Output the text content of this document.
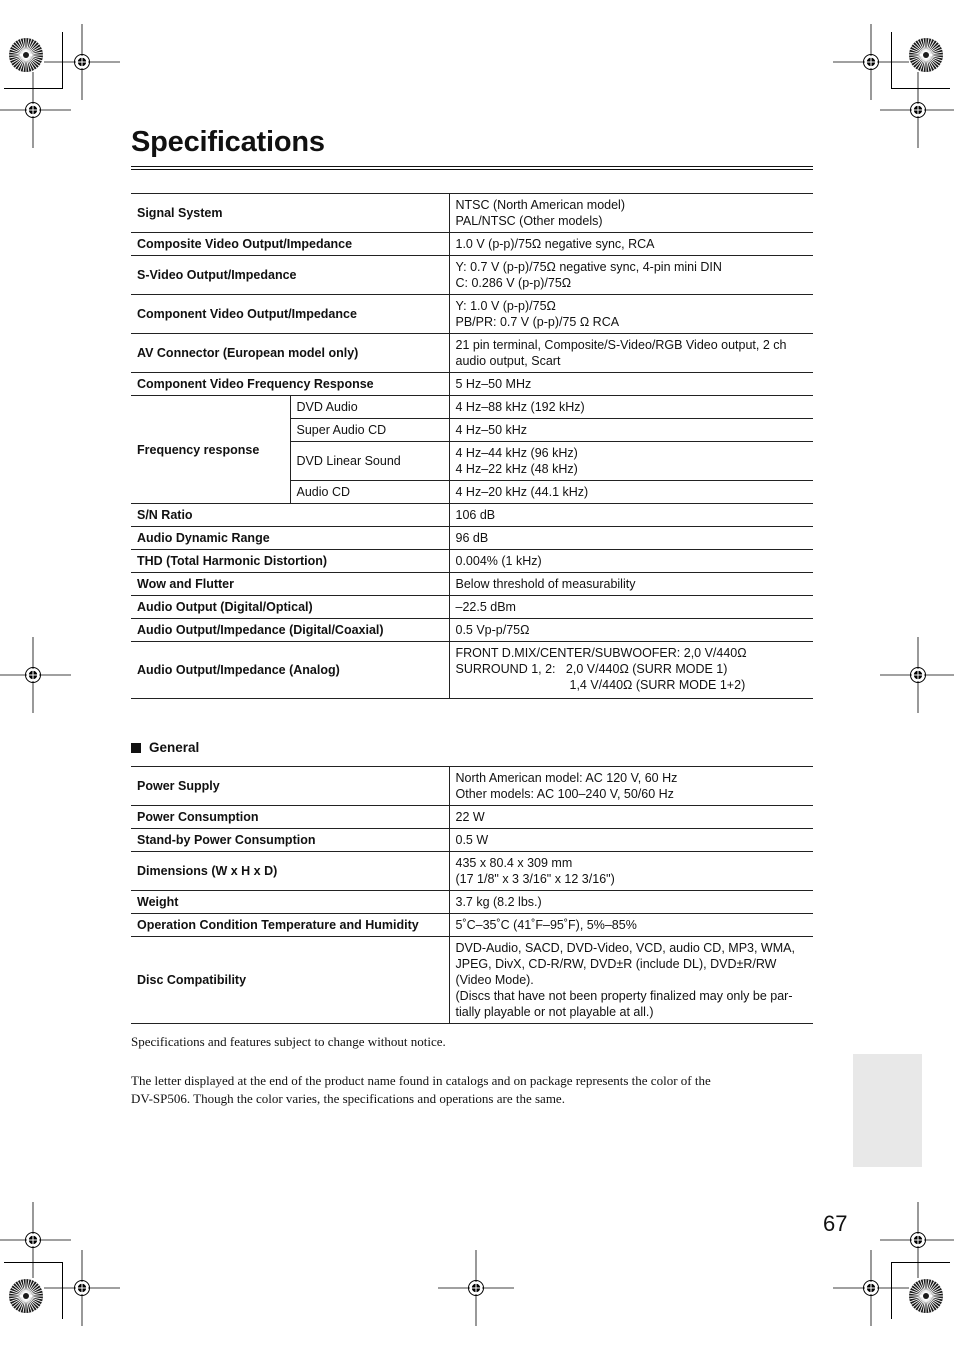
Specifications
Signal System		NTSC (North American model)
PAL/NTSC (Other models)
Composite Video Output/Impedance		1.0 V (p-p)/75Ω negative sync, RCA
S-Video Output/Impedance		Y: 0.7 V (p-p)/75Ω negative sync, 4-pin mini DIN
C: 0.286 V (p-p)/75Ω
Component Video Output/Impedance		Y: 1.0 V (p-p)/75Ω
PB/PR: 0.7 V (p-p)/75 Ω RCA
AV Connector (European model only)		21 pin terminal, Composite/S-Video/RGB Video output, 2 ch
audio output, Scart
Component Video Frequency Response		5 Hz–50 MHz
Frequency response	DVD Audio	4 Hz–88 kHz (192 kHz)
	Super Audio CD	4 Hz–50 kHz
	DVD Linear Sound	4 Hz–44 kHz (96 kHz)
4 Hz–22 kHz (48 kHz)
	Audio CD	4 Hz–20 kHz (44.1 kHz)
S/N Ratio		106 dB
Audio Dynamic Range		96 dB
THD (Total Harmonic Distortion)		0.004% (1 kHz)
Wow and Flutter		Below threshold of measurability
Audio Output (Digital/Optical)		–22.5 dBm
Audio Output/Impedance (Digital/Coaxial)		0.5 Vp-p/75Ω
Audio Output/Impedance (Analog)		FRONT D.MIX/CENTER/SUBWOOFER: 2,0 V/440Ω
SURROUND 1, 2:   2,0 V/440Ω (SURR MODE 1)
1,4 V/440Ω (SURR MODE 1+2)
General
Power Supply	North American model: AC 120 V, 60 Hz
Other models: AC 100–240 V, 50/60 Hz
Power Consumption	22 W
Stand-by Power Consumption	0.5 W
Dimensions (W x H x D)	435 x 80.4 x 309 mm
(17 1/8" x 3 3/16" x 12 3/16")
Weight	3.7 kg (8.2 lbs.)
Operation Condition Temperature and Humidity	5˚C–35˚C (41˚F–95˚F), 5%–85%
Disc Compatibility	DVD-Audio, SACD, DVD-Video, VCD, audio CD, MP3, WMA,
JPEG, DivX, CD-R/RW, DVD±R (include DL), DVD±R/RW
(Video Mode).
(Discs that have not been property finalized may only be par-
tially playable or not playable at all.)

Specifications and features subject to change without notice.

The letter displayed at the end of the product name found in catalogs and on package represents the color of the
DV-SP506. Though the color varies, the specifications and operations are the same.

67
